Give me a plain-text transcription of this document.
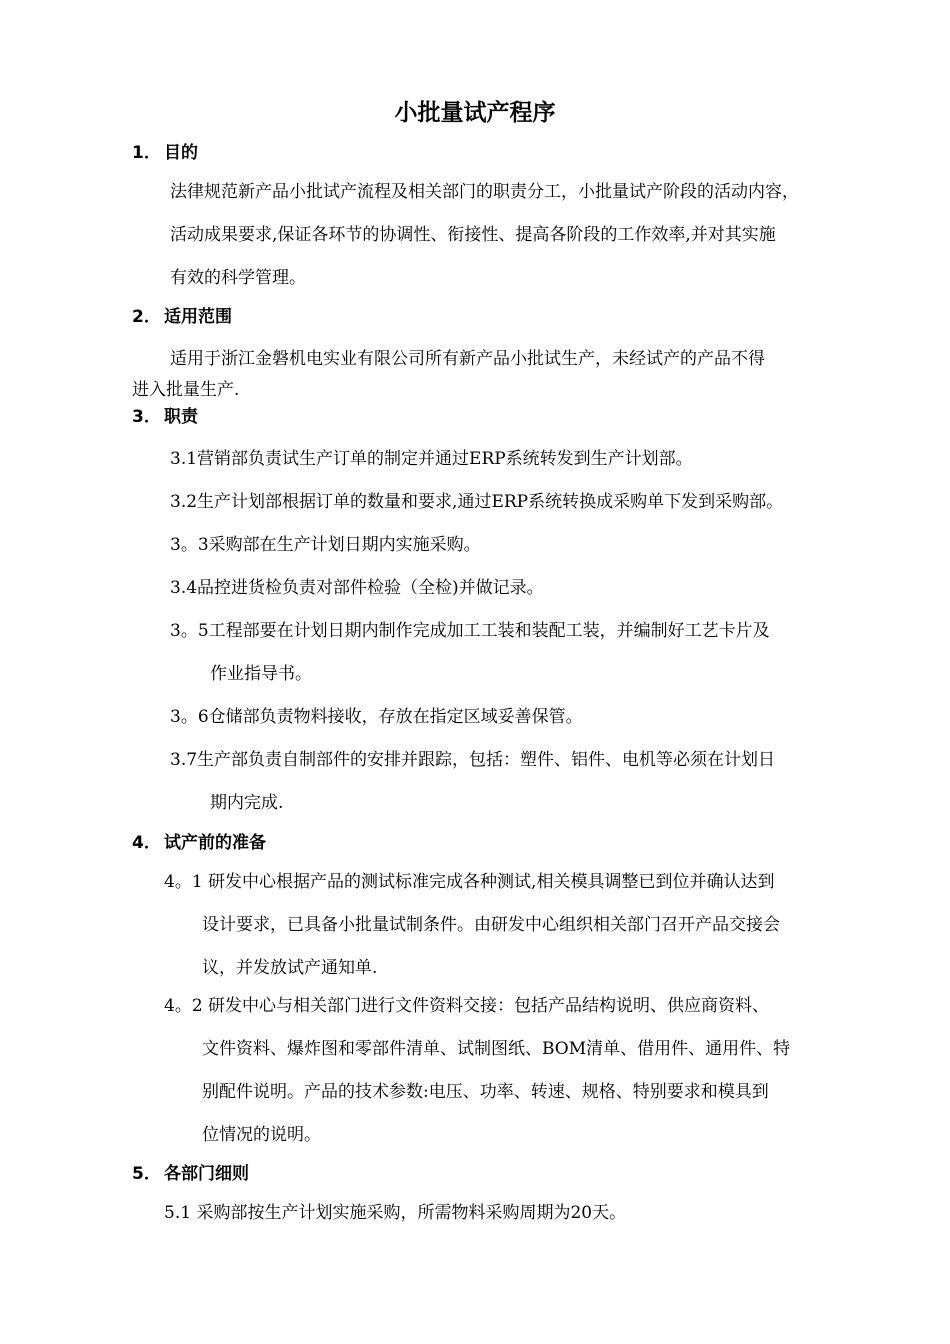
小批量试产程序
1． 目的
法律规范新产品小批试产流程及相关部门的职责分工，小批量试产阶段的活动内容，
活动成果要求,保证各环节的协调性、衔接性、提高各阶段的工作效率,并对其实施
有效的科学管理。
2． 适用范围
适用于浙江金磐机电实业有限公司所有新产品小批试生产，未经试产的产品不得
进入批量生产.
3． 职责
3.1营销部负责试生产订单的制定并通过ERP系统转发到生产计划部。
3.2生产计划部根据订单的数量和要求,通过ERP系统转换成采购单下发到采购部。
3。3采购部在生产计划日期内实施采购。
3.4品控进货检负责对部件检验（全检)并做记录。
3。5工程部要在计划日期内制作完成加工工装和装配工装，并编制好工艺卡片及
作业指导书。
3。6仓储部负责物料接收，存放在指定区域妥善保管。
3.7生产部负责自制部件的安排并跟踪，包括：塑件、铝件、电机等必须在计划日
期内完成.
4． 试产前的准备
4。1 研发中心根据产品的测试标准完成各种测试,相关模具调整已到位并确认达到
设计要求，已具备小批量试制条件。由研发中心组织相关部门召开产品交接会
议，并发放试产通知单.
4。2 研发中心与相关部门进行文件资料交接：包括产品结构说明、供应商资料、
文件资料、爆炸图和零部件清单、试制图纸、BOM清单、借用件、通用件、特
别配件说明。产品的技术参数:电压、功率、转速、规格、特别要求和模具到
位情况的说明。
5． 各部门细则
5.1 采购部按生产计划实施采购，所需物料采购周期为20天。
